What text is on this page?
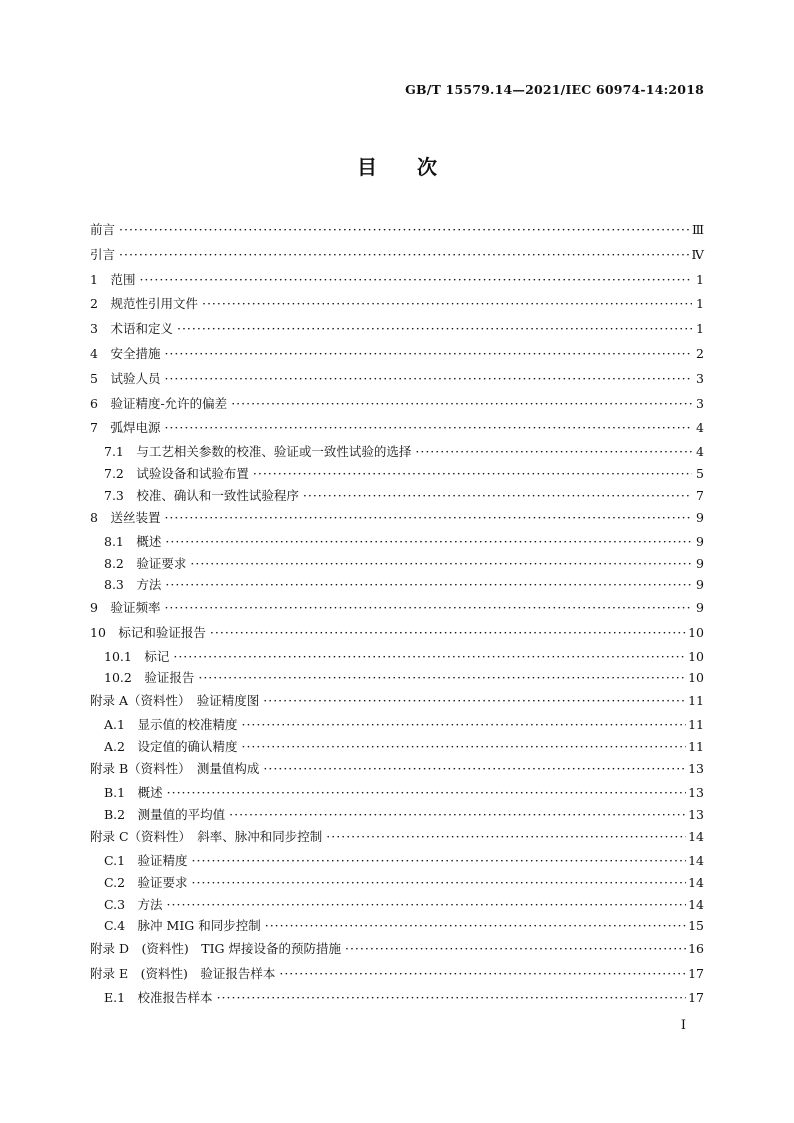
GB/T 15579.14—2021/IEC 60974-14:2018
目　　次
前言 ·····	Ⅲ
引言 ·····	Ⅳ
1　范围 ·····	1
2　规范性引用文件 ·····	1
3　术语和定义 ·····	1
4　安全措施 ·····	2
5　试验人员 ·····	3
6　验证精度-允许的偏差 ·····	3
7　弧焊电源 ·····	4
7.1　与工艺相关参数的校准、验证或一致性试验的选择 ·····	4
7.2　试验设备和试验布置 ·····	5
7.3　校准、确认和一致性试验程序 ·····	7
8　送丝装置 ·····	9
8.1　概述 ·····	9
8.2　验证要求 ·····	9
8.3　方法 ·····	9
9　验证频率 ·····	9
10　标记和验证报告 ·····	10
10.1　标记 ·····	10
10.2　验证报告 ·····	10
附录 A（资料性）　验证精度图 ·····	11
A.1　显示值的校准精度 ·····	11
A.2　设定值的确认精度 ·····	11
附录 B（资料性）　测量值构成 ·····	13
B.1　概述 ·····	13
B.2　测量值的平均值 ·····	13
附录 C（资料性）　斜率、脉冲和同步控制 ·····	14
C.1　验证精度 ·····	14
C.2　验证要求 ·····	14
C.3　方法 ·····	14
C.4　脉冲 MIG 和同步控制 ·····	15
附录 D　(资料性)　TIG 焊接设备的预防措施 ·····	16
附录 E　(资料性)　验证报告样本 ·····	17
E.1　校准报告样本 ·····	17
I
